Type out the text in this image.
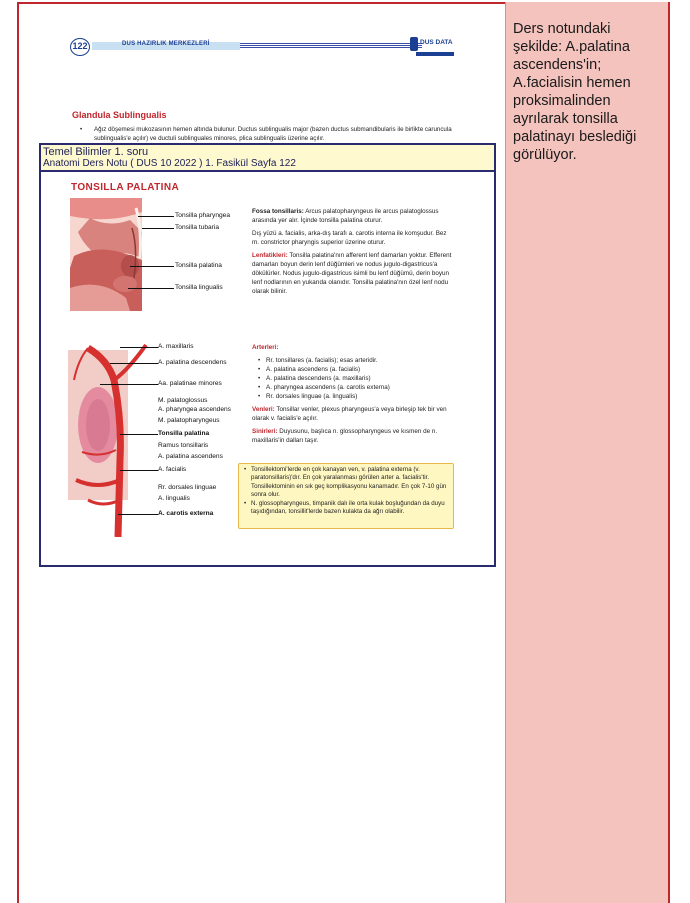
Ders notundaki şekilde: A.palatina ascendens'in; A.facialisin hemen proksimalinden ayrılarak tonsilla palatinayı beslediği görülüyor.
122	DUS HAZIRLIK MERKEZLERİ	DUS DATA
Glandula Sublingualis
•	Ağız döşemesi mukozasının hemen altında bulunur. Ductus sublingualis major (bazen ductus submandibularis ile birlikte caruncula sublingualis'e açılır) ve ductuli sublinguales minores, plica sublingualis üzerine açılır.

Temel Bilimler 1. soru
Anatomi Ders Notu ( DUS 10 2022 ) 1. Fasikül Sayfa 122
TONSILLA PALATINA
Tonsilla pharyngea
Tonsilla tubaria
Tonsilla palatina
Tonsilla lingualis
A. maxillaris
A. palatina descendens
Aa. palatinae minores
M. palatoglossus
A. pharyngea ascendens
M. palatopharyngeus
Tonsilla palatina
Ramus tonsillaris
A. palatina ascendens
A. facialis
Rr. dorsales linguae
A. lingualis
A. carotis externa

Fossa tonsillaris: Arcus palatopharyngeus ile arcus palatoglossus arasında yer alır. İçinde tonsilla palatina oturur.

Dış yüzü a. facialis, arka-dış tarafı a. carotis interna ile komşudur. Bez m. constrictor pharyngis superior üzerine oturur.

Lenfatikleri: Tonsilla palatina'nın afferent lenf damarları yoktur. Efferent damarları boyun derin lenf düğümleri ve nodus jugulo-digastricus'a dökülürler. Nodus jugulo-digastricus isimli bu lenf düğümü, derin boyun lenf nodlarının en yukarıda olanıdır. Tonsilla palatina'nın özel lenf nodu olarak bilinir.

Arterleri:

• Rr. tonsillares (a. facialis); esas arteridir.
• A. palatina ascendens (a. facialis)
• A. palatina descendens (a. maxillaris)
• A. pharyngea ascendens (a. carotis externa)
• Rr. dorsales linguae (a. lingualis)

Venleri: Tonsillar venler, plexus pharyngeus'a veya birleşip tek bir ven olarak v. facialis'e açılır.

Sinirleri: Duyusunu, başlıca n. glossopharyngeus ve kısmen de n. maxillaris'in dalları taşır.

• Tonsillektomi'lerde en çok kanayan ven, v. palatina externa (v. paratonsillaris)'dır. En çok yaralanması görülen arter a. facialis'tir. Tonsillektominin en sık geç komplikasyonu kanamadır. En çok 7-10 gün sonra olur.
• N. glossopharyngeus, timpanik dalı ile orta kulak boşluğundan da duyu taşıdığından, tonsillit'lerde bazen kulakta da ağrı olabilir.
